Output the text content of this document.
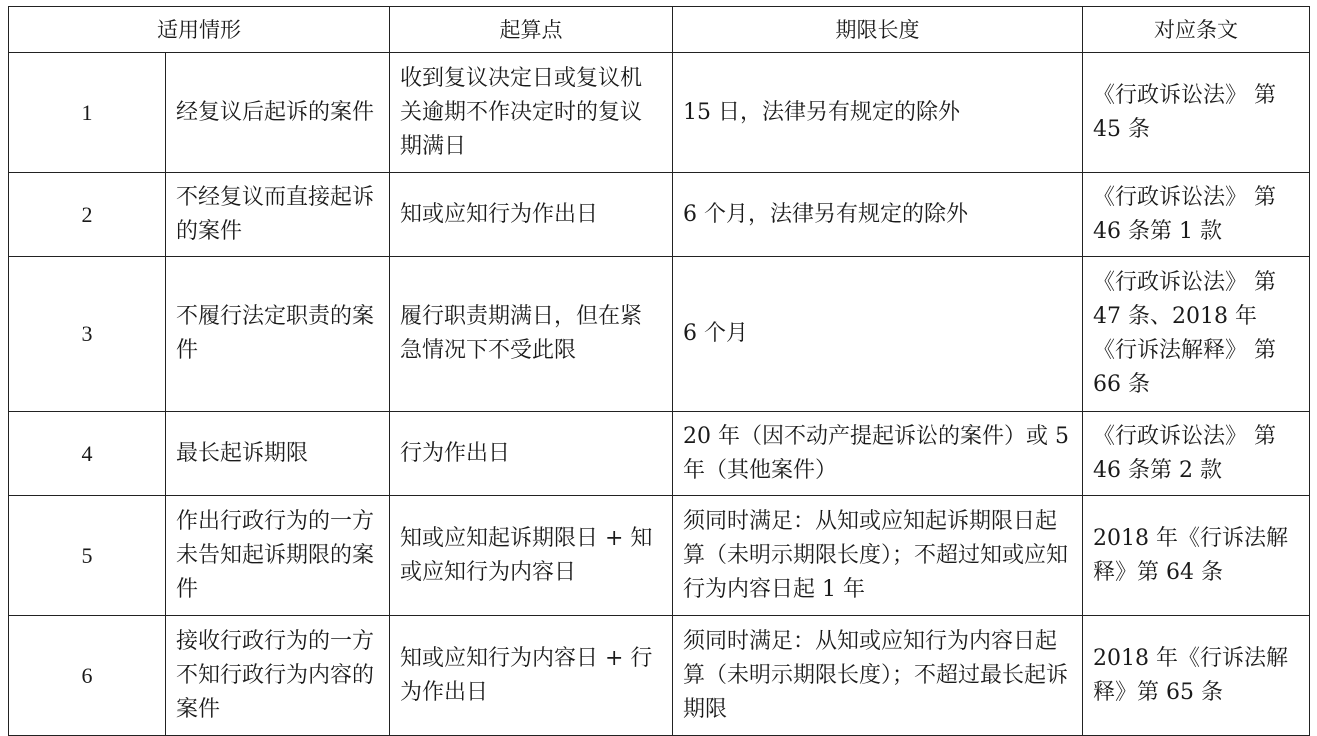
适用情形		起算点	期限长度	对应条文
1	经复议后起诉的案件	收到复议决定日或复议机关逾期不作决定时的复议期满日	15 日，法律另有规定的除外	《行政诉讼法》 第 45 条
2	不经复议而直接起诉的案件	知或应知行为作出日	6 个月，法律另有规定的除外	《行政诉讼法》 第 46 条第 1 款
3	不履行法定职责的案件	履行职责期满日，但在紧急情况下不受此限	6 个月	《行政诉讼法》 第 47 条、2018 年《行诉法解释》 第 66 条
4	最长起诉期限	行为作出日	20 年（因不动产提起诉讼的案件）或 5 年（其他案件）	《行政诉讼法》 第 46 条第 2 款
5	作出行政行为的一方未告知起诉期限的案件	知或应知起诉期限日 + 知或应知行为内容日	须同时满足：从知或应知起诉期限日起算（未明示期限长度）；不超过知或应知行为内容日起 1 年	2018 年《行诉法解释》第 64 条
6	接收行政行为的一方不知行政行为内容的案件	知或应知行为内容日 + 行为作出日	须同时满足：从知或应知行为内容日起算（未明示期限长度）；不超过最长起诉期限	2018 年《行诉法解释》第 65 条
